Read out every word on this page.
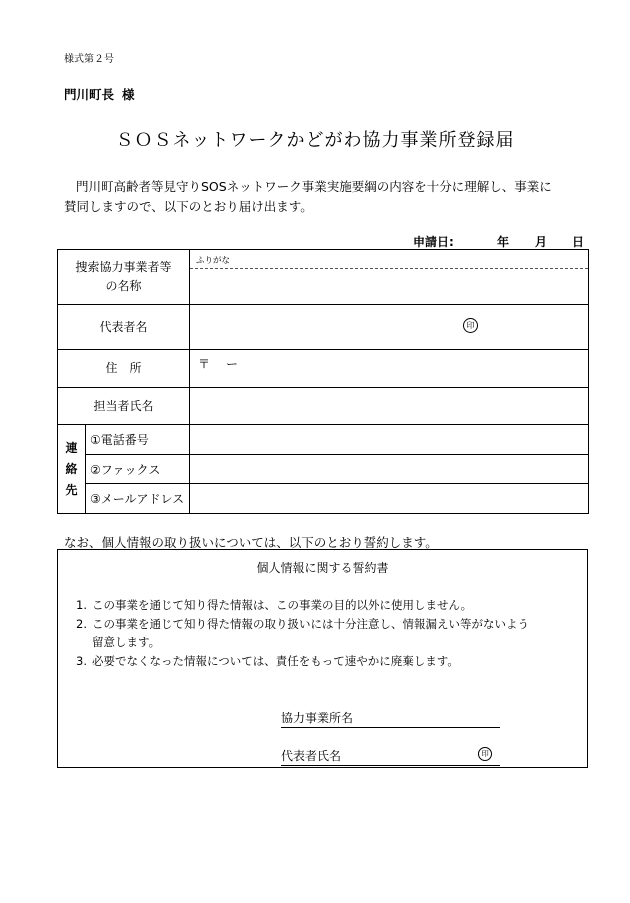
様式第２号
門川町長 様
ＳＯＳネットワークかどがわ協力事業所登録届
門川町高齢者等見守りSOSネットワーク事業実施要綱の内容を十分に理解し、事業に
賛同しますので、以下のとおり届け出ます。
申請日:	年 月 日
捜索協力事業者等
の名称		ふりがな

代表者名		印

住　所		〒 ー

担当者氏名		

連
絡
先	①電話番号	
	②ファックス	
	③メールアドレス	
なお、個人情報の取り扱いについては、以下のとおり誓約します。
個人情報に関する誓約書
1. この事業を通じて知り得た情報は、この事業の目的以外に使用しません。
2. この事業を通じて知り得た情報の取り扱いには十分注意し、情報漏えい等がないよう
留意します。
3. 必要でなくなった情報については、責任をもって速やかに廃棄します。
協力事業所名
代表者氏名	印
